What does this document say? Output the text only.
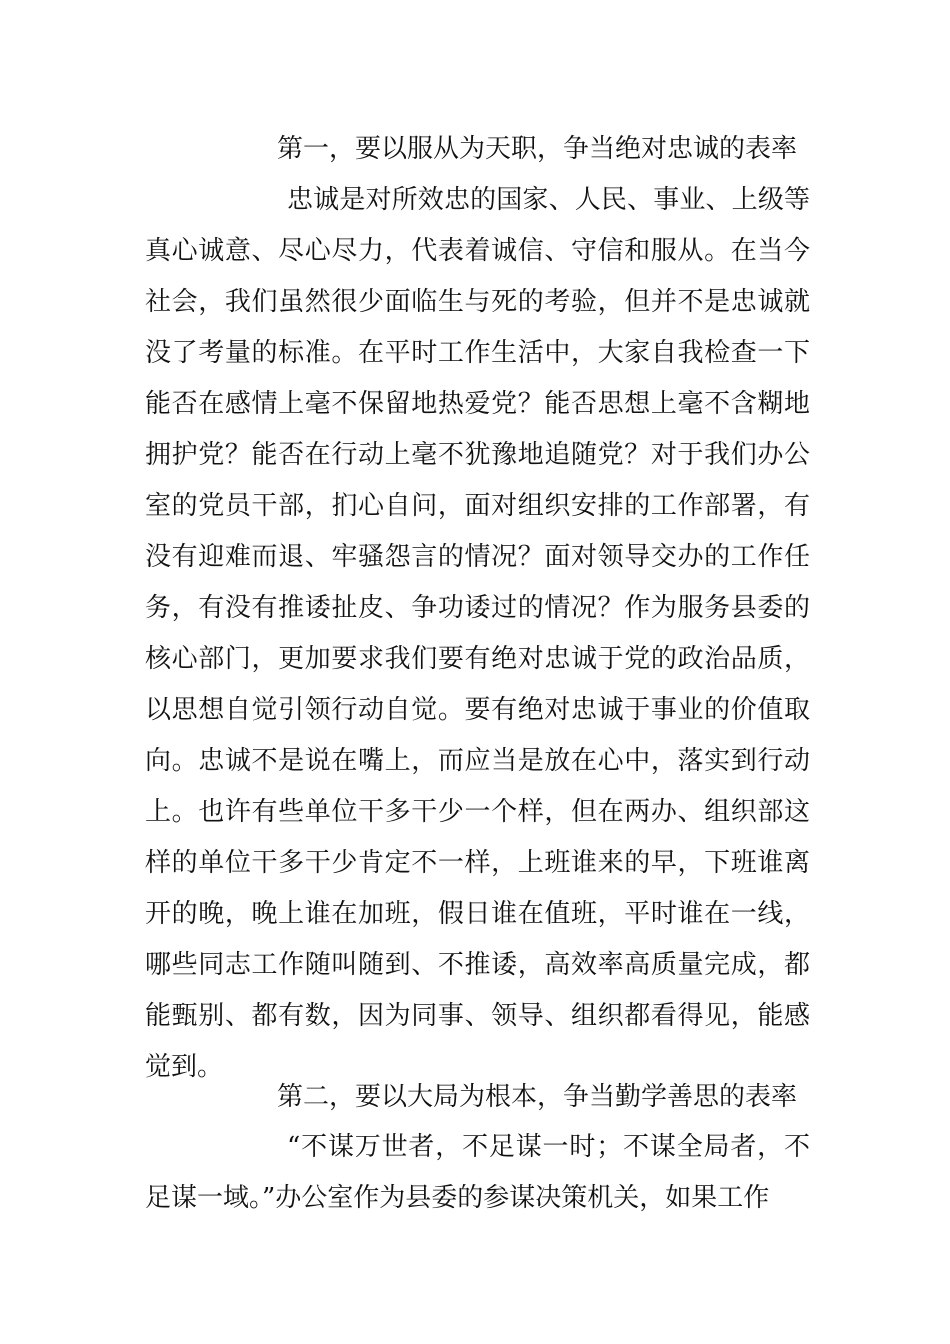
第一，要以服从为天职，争当绝对忠诚的表率
忠诚是对所效忠的国家、人民、事业、上级等真心诚意、尽心尽力，代表着诚信、守信和服从。在当今社会，我们虽然很少面临生与死的考验，但并不是忠诚就没了考量的标准。在平时工作生活中，大家自我检查一下能否在感情上毫不保留地热爱党？能否思想上毫不含糊地拥护党？能否在行动上毫不犹豫地追随党？对于我们办公室的党员干部，扪心自问，面对组织安排的工作部署，有没有迎难而退、牢骚怨言的情况？面对领导交办的工作任务，有没有推诿扯皮、争功诿过的情况？作为服务县委的核心部门，更加要求我们要有绝对忠诚于党的政治品质，以思想自觉引领行动自觉。要有绝对忠诚于事业的价值取向。忠诚不是说在嘴上，而应当是放在心中，落实到行动上。也许有些单位干多干少一个样，但在两办、组织部这样的单位干多干少肯定不一样，上班谁来的早，下班谁离开的晚，晚上谁在加班，假日谁在值班，平时谁在一线，哪些同志工作随叫随到、不推诿，高效率高质量完成，都能甄别、都有数，因为同事、领导、组织都看得见，能感觉到。
第二，要以大局为根本，争当勤学善思的表率
“不谋万世者，不足谋一时；不谋全局者，不足谋一域。”办公室作为县委的参谋决策机关，如果工作
